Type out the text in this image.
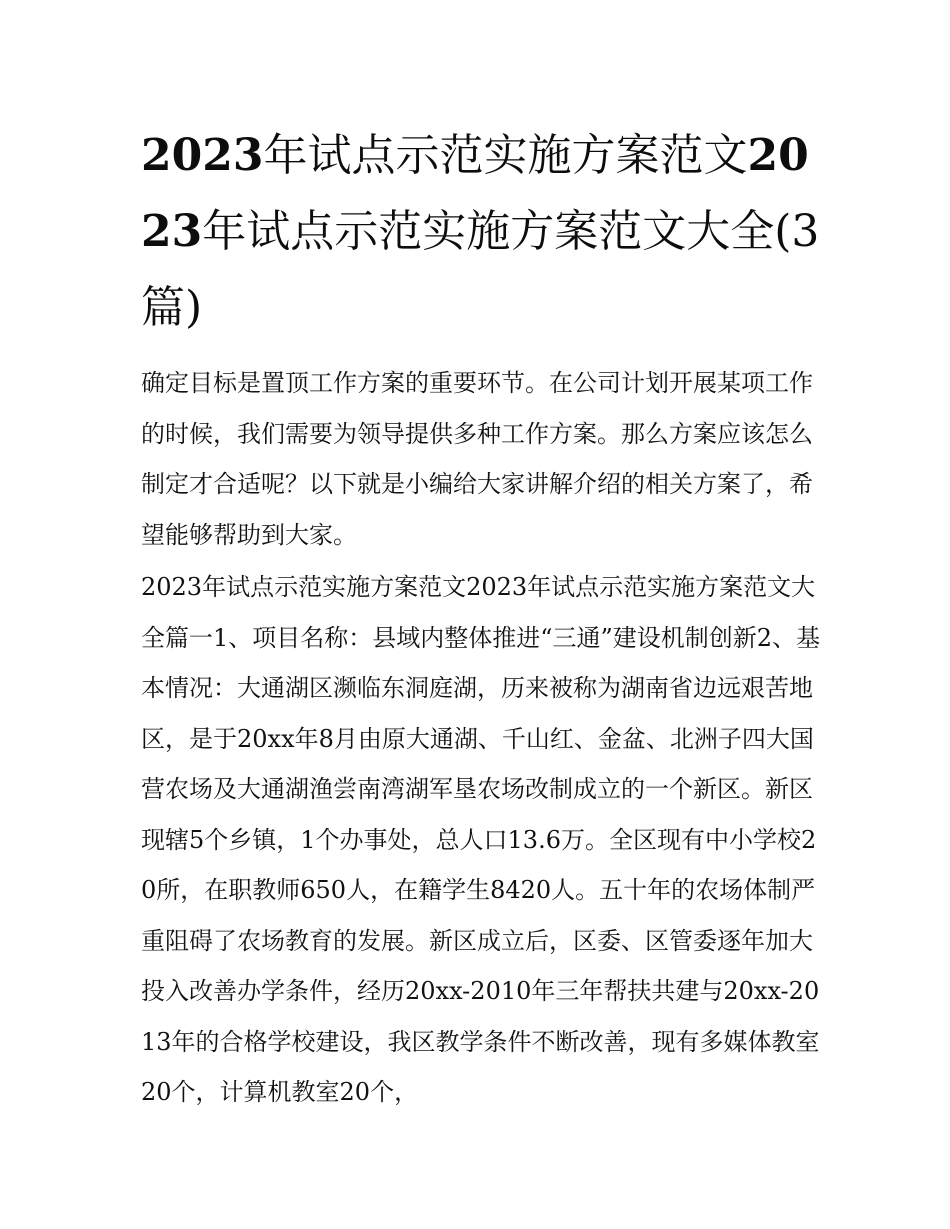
2023年试点示范实施方案范文2023年试点示范实施方案范文大全(3篇)

确定目标是置顶工作方案的重要环节。在公司计划开展某项工作的时候，我们需要为领导提供多种工作方案。那么方案应该怎么制定才合适呢？以下就是小编给大家讲解介绍的相关方案了，希望能够帮助到大家。

2023年试点示范实施方案范文2023年试点示范实施方案范文大全篇一1、项目名称：县域内整体推进“三通”建设机制创新2、基本情况：大通湖区濒临东洞庭湖，历来被称为湖南省边远艰苦地区，是于20xx年8月由原大通湖、千山红、金盆、北洲子四大国营农场及大通湖渔尝南湾湖军垦农场改制成立的一个新区。新区现辖5个乡镇，1个办事处，总人口13.6万。全区现有中小学校20所，在职教师650人，在籍学生8420人。五十年的农场体制严重阻碍了农场教育的发展。新区成立后，区委、区管委逐年加大投入改善办学条件，经历20xx-2010年三年帮扶共建与20xx-2013年的合格学校建设，我区教学条件不断改善，现有多媒体教室20个，计算机教室20个，
